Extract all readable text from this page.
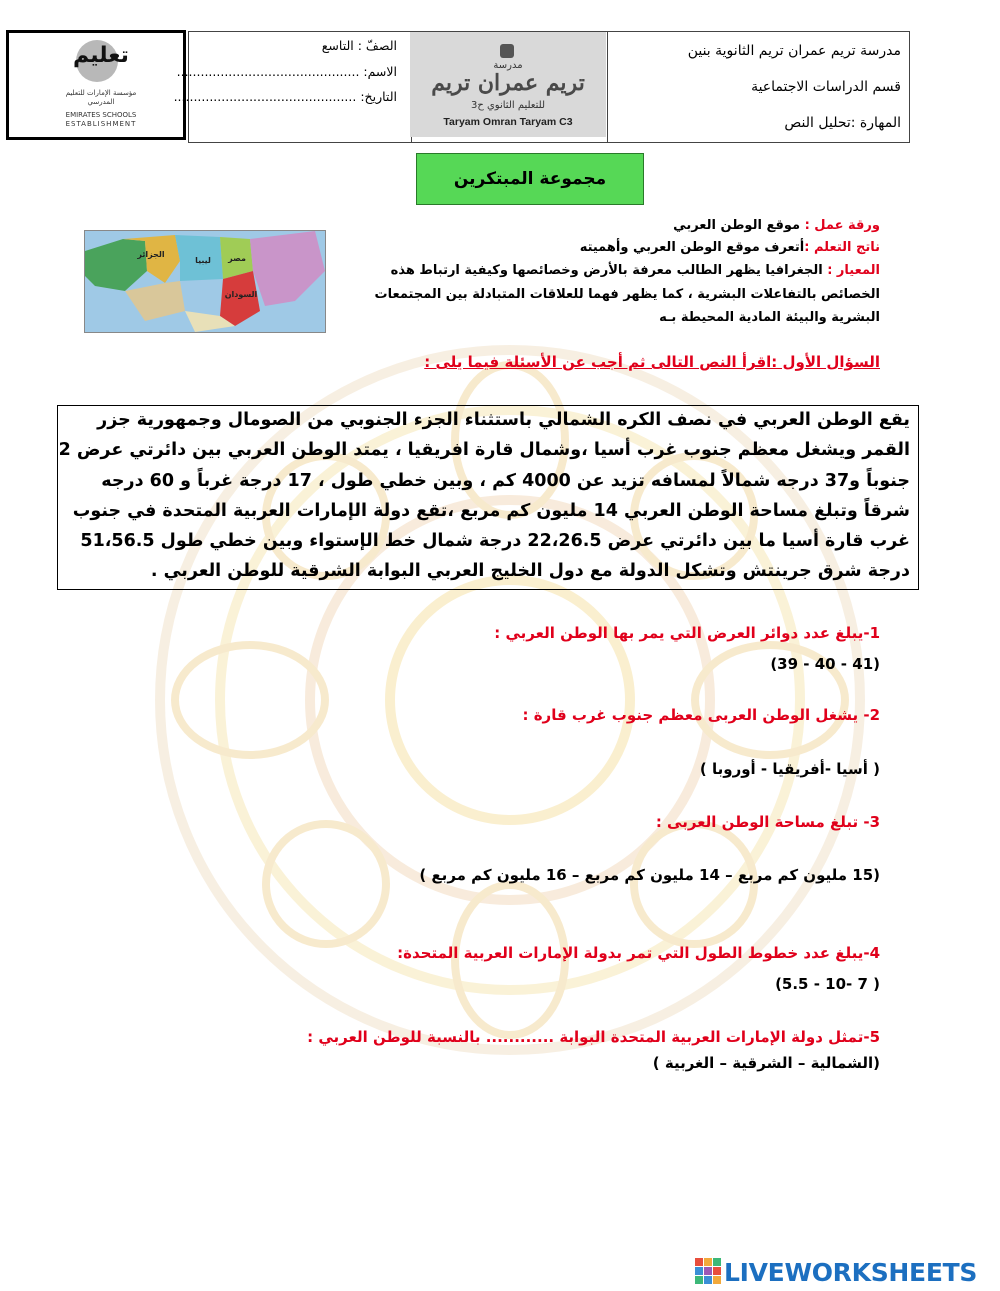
تعليم
مؤسسة الإمارات للتعليم المدرسي
EMIRATES SCHOOLS
ESTABLISHMENT
الصفّ : التاسع
الاسم: ..............................................
التاريخ: ..............................................
مدرسة تريم عمران تريم الثانوية بنين
قسم الدراسات الاجتماعية
المهارة :تحليل النص
مدرسة
تريم عمران تريم
للتعليم الثانوي ح3
Taryam Omran Taryam C3
مجموعة المبتكرين
ورقة عمل : موقع الوطن العربي
ناتج التعلم :أتعرف موقع الوطن العربي وأهميته
المعيار : الجغرافيا يظهر الطالب معرفة بالأرض وخصائصها وكيفية ارتباط هذه
الخصائص بالتفاعلات البشرية ، كما يظهر فهما للعلاقات المتبادلة بين المجتمعات
البشرية والبيئة المادية المحيطة بـه
الجزائر
ليبيا مصر
السودان
السؤال الأول :اقرأ النص التالى ثم أجب عن الأسئلة فيما يلى :
يقع الوطن العربي في نصف الكره الشمالي باستثناء الجزء الجنوبي من الصومال وجمهورية جزر
القمر ويشغل معظم جنوب غرب أسيا ،وشمال قارة افريقيا ، يمتد الوطن العربي بين دائرتي عرض 2
جنوباً و37 درجه شمالاً لمسافه تزيد عن 4000 كم ، وبين خطي طول ، 17 درجة غرباً و 60 درجه
شرقاً وتبلغ مساحة الوطن العربي 14 مليون كم مربع ،تقع دولة الإمارات العربية المتحدة في جنوب
غرب قارة أسيا ما بين دائرتي عرض 22،26.5 درجة شمال خط الإستواء وبين خطي طول 51،56.5
درجة شرق جرينتش وتشكل الدولة مع دول الخليج العربي البوابة الشرقية للوطن العربي .
1-يبلغ عدد دوائر العرض التي يمر بها الوطن العربي :
(39 - 40 - 41)
2- يشغل الوطن العربى معظم جنوب غرب قارة :
( أسيا -أفريقيا - أوروبا )
3- تبلغ مساحة الوطن العربى :
(15 مليون كم مربع – 14 مليون كم مربع – 16 مليون كم مربع )
4-يبلغ عدد خطوط الطول التي تمر بدولة الإمارات العربية المتحدة:
(5.5 - 10- 7 )
5-تمثل دولة الإمارات العربية المتحدة البوابة ............ بالنسبة للوطن العربي :
(الشمالية – الشرقية – الغربية )
LIVEWORKSHEETS
